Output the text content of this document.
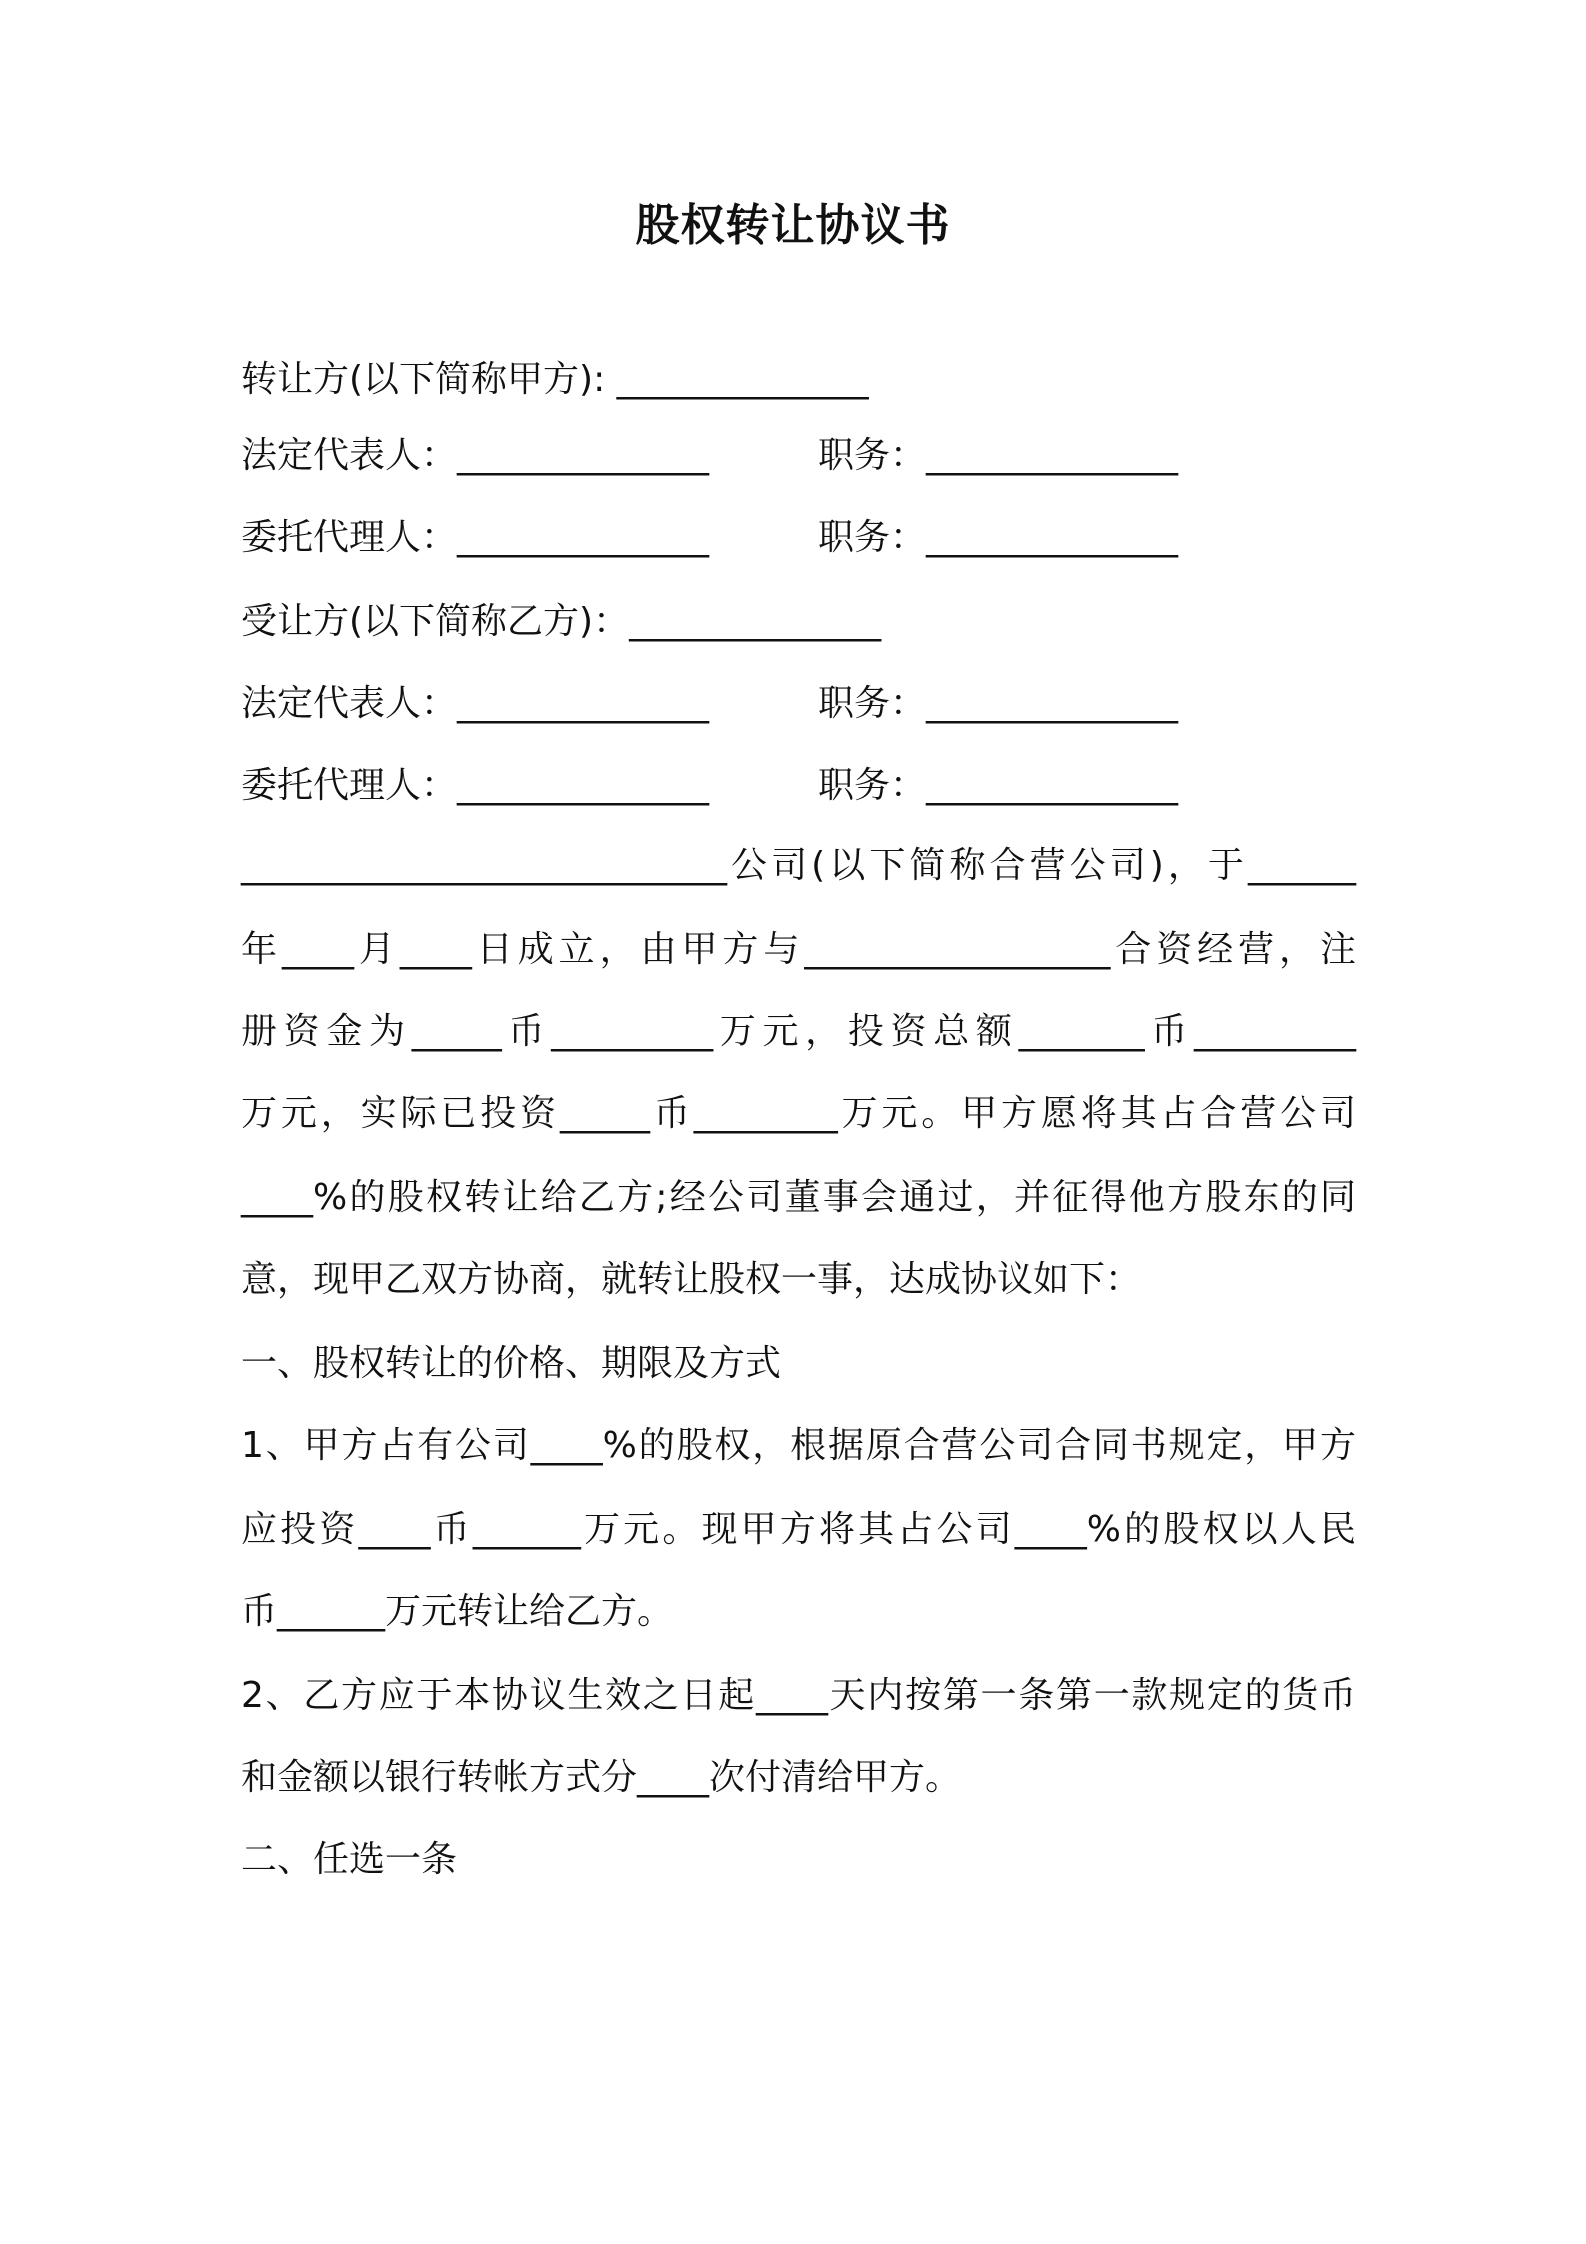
股权转让协议书
转让方(以下简称甲方): ______________
法定代表人：______________	职务：______________
委托代理人：______________	职务：______________
受让方(以下简称乙方)：______________
法定代表人：______________	职务：______________
委托代理人：______________	职务：______________
___________________________公司(以下简称合营公司)，于______
年____月____日成立，由甲方与_________________合资经营，注
册资金为_____币_________万元，投资总额_______币_________
万元，实际已投资_____币________万元。甲方愿将其占合营公司
____%的股权转让给乙方;经公司董事会通过，并征得他方股东的同
意，现甲乙双方协商，就转让股权一事，达成协议如下：
一、股权转让的价格、期限及方式
1、甲方占有公司____%的股权，根据原合营公司合同书规定，甲方
应投资____币______万元。现甲方将其占公司____%的股权以人民
币______万元转让给乙方。
2、乙方应于本协议生效之日起____天内按第一条第一款规定的货币
和金额以银行转帐方式分____次付清给甲方。
二、任选一条
